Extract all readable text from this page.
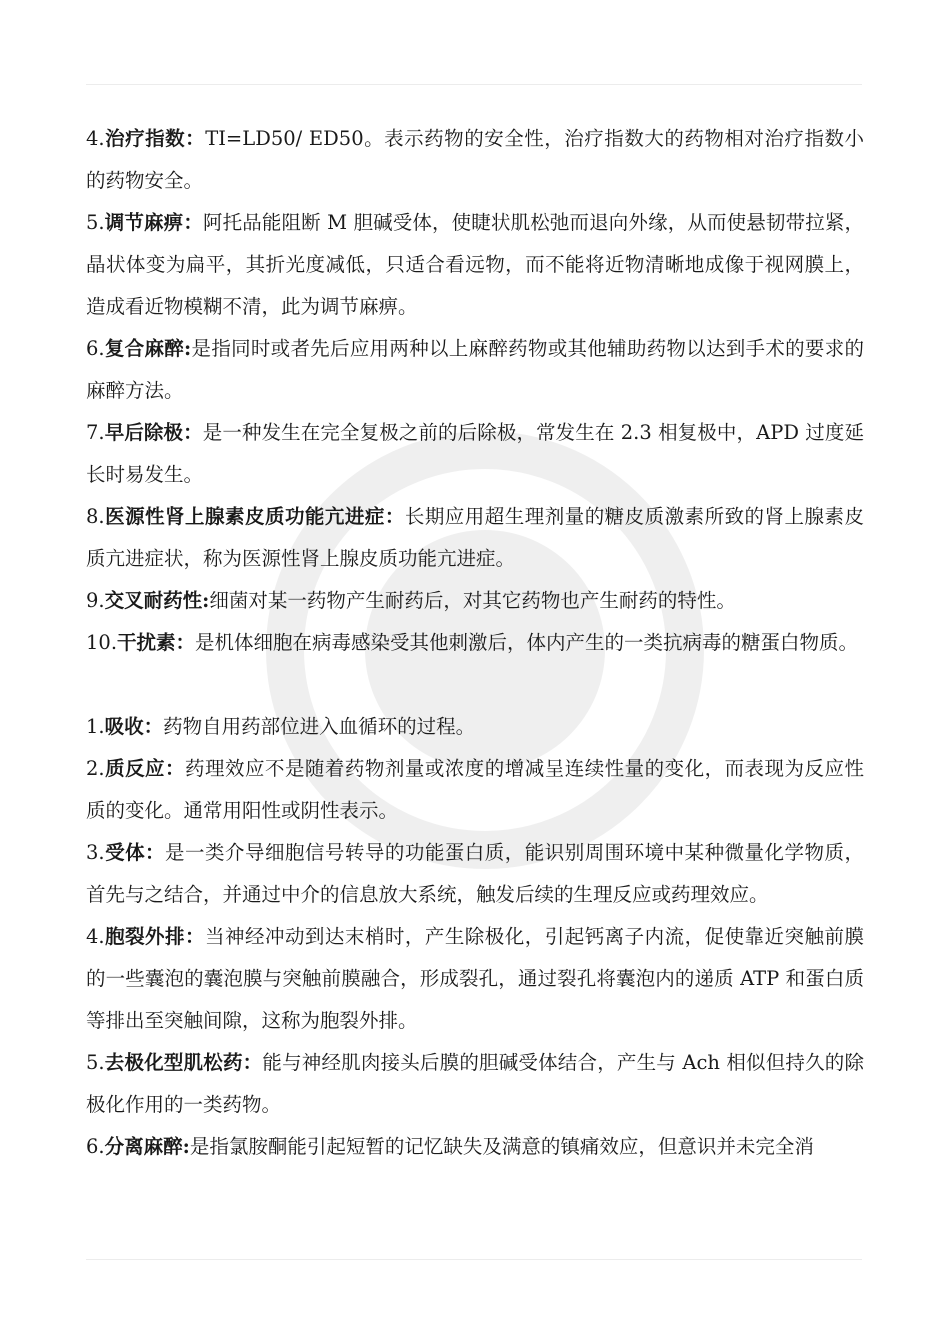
4.治疗指数：TI=LD50/ ED50。表示药物的安全性，治疗指数大的药物相对治疗指数小的药物安全。

5.调节麻痹：阿托品能阻断 M 胆碱受体，使睫状肌松弛而退向外缘，从而使悬韧带拉紧，晶状体变为扁平，其折光度减低，只适合看远物，而不能将近物清晰地成像于视网膜上，造成看近物模糊不清，此为调节麻痹。

6.复合麻醉:是指同时或者先后应用两种以上麻醉药物或其他辅助药物以达到手术的要求的麻醉方法。

7.早后除极：是一种发生在完全复极之前的后除极，常发生在 2.3 相复极中，APD 过度延长时易发生。

8.医源性肾上腺素皮质功能亢进症：长期应用超生理剂量的糖皮质激素所致的肾上腺素皮质亢进症状，称为医源性肾上腺皮质功能亢进症。

9.交叉耐药性:细菌对某一药物产生耐药后，对其它药物也产生耐药的特性。

10.干扰素：是机体细胞在病毒感染受其他刺激后，体内产生的一类抗病毒的糖蛋白物质。

1.吸收：药物自用药部位进入血循环的过程。

2.质反应：药理效应不是随着药物剂量或浓度的增减呈连续性量的变化，而表现为反应性质的变化。通常用阳性或阴性表示。

3.受体：是一类介导细胞信号转导的功能蛋白质，能识别周围环境中某种微量化学物质，首先与之结合，并通过中介的信息放大系统，触发后续的生理反应或药理效应。

4.胞裂外排：当神经冲动到达末梢时，产生除极化，引起钙离子内流，促使靠近突触前膜的一些囊泡的囊泡膜与突触前膜融合，形成裂孔，通过裂孔将囊泡内的递质 ATP 和蛋白质等排出至突触间隙，这称为胞裂外排。

5.去极化型肌松药：能与神经肌肉接头后膜的胆碱受体结合，产生与 Ach 相似但持久的除极化作用的一类药物。

6.分离麻醉:是指氯胺酮能引起短暂的记忆缺失及满意的镇痛效应，但意识并未完全消
